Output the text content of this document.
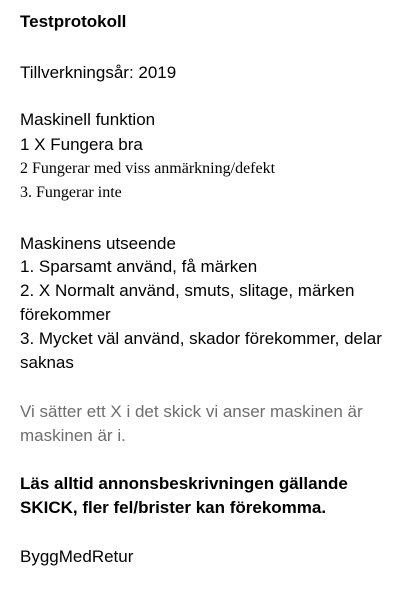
Testprotokoll
Tillverkningsår: 2019
Maskinell funktion
1 X Fungera bra
2 Fungerar med viss anmärkning/defekt
3. Fungerar inte
Maskinens utseende
1. Sparsamt använd, få märken
2. X Normalt använd, smuts, slitage, märken
förekommer
3. Mycket väl använd, skador förekommer, delar
saknas
Vi sätter ett X i det skick vi anser maskinen är
maskinen är i.
Läs alltid annonsbeskrivningen gällande
SKICK, fler fel/brister kan förekomma.
ByggMedRetur
